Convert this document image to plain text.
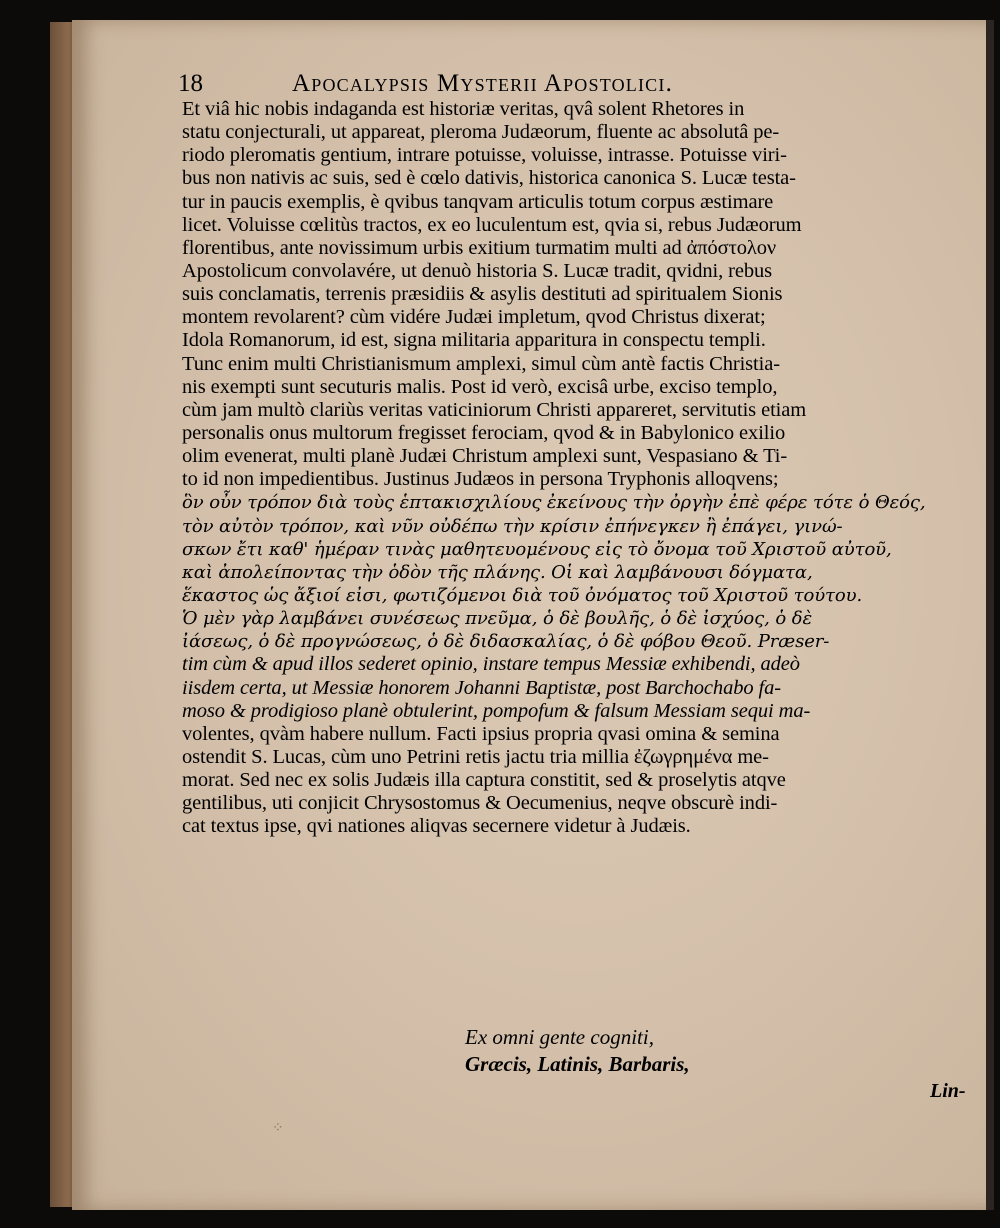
18	Apocalypsis Mysterii Apostolici.
Et viâ hic nobis indaganda est historiæ veritas, qvâ solent Rhetores in
statu conjecturali, ut appareat, pleroma Judæorum, fluente ac absolutâ pe-
riodo pleromatis gentium, intrare potuisse, voluisse, intrasse. Potuisse viri-
bus non nativis ac suis, sed è cœlo dativis, historica canonica S. Lucæ testa-
tur in paucis exemplis, è qvibus tanqvam articulis totum corpus æstimare
licet. Voluisse cœlitùs tractos, ex eo luculentum est, qvia si, rebus Judæorum
florentibus, ante novissimum urbis exitium turmatim multi ad ἀπόστολον
Apostolicum convolavére, ut denuò historia S. Lucæ tradit, qvidni, rebus
suis conclamatis, terrenis præsidiis & asylis destituti ad spiritualem Sionis
montem revolarent? cùm vidére Judæi impletum, qvod Christus dixerat;
Idola Romanorum, id est, signa militaria apparitura in conspectu templi.
Tunc enim multi Christianismum amplexi, simul cùm antè factis Christia-
nis exempti sunt secuturis malis. Post id verò, excisâ urbe, exciso templo,
cùm jam multò clariùs veritas vaticiniorum Christi appareret, servitutis etiam
personalis onus multorum fregisset ferociam, qvod & in Babylonico exilio
olim evenerat, multi planè Judæi Christum amplexi sunt, Vespasiano & Ti-
to id non impedientibus. Justinus Judæos in persona Tryphonis alloqvens;
ὃν οὖν τρόπον διὰ τοὺς ἑπτακισχιλίους ἐκείνους τὴν ὀργὴν ἐπὲ φέρε τότε ὁ Θεός,
τὸν αὐτὸν τρόπον, καὶ νῦν οὐδέπω τὴν κρίσιν ἐπήνεγκεν ἢ ἐπάγει, γινώ-
σκων ἔτι καθ' ἡμέραν τινὰς μαθητευομένους εἰς τὸ ὄνομα τοῦ Χριστοῦ αὐτοῦ,
καὶ ἀπολείποντας τὴν ὁδὸν τῆς πλάνης. Οἱ καὶ λαμβάνουσι δόγματα,
ἕκαστος ὡς ἄξιοί εἰσι, φωτιζόμενοι διὰ τοῦ ὀνόματος τοῦ Χριστοῦ τούτου.
Ὁ μὲν γὰρ λαμβάνει συνέσεως πνεῦμα, ὁ δὲ βουλῆς, ὁ δὲ ἰσχύος, ὁ δὲ
ἰάσεως, ὁ δὲ προγνώσεως, ὁ δὲ διδασκαλίας, ὁ δὲ φόβου Θεοῦ. Præser-
tim cùm & apud illos sederet opinio, instare tempus Messiæ exhibendi, adeò
iisdem certa, ut Messiæ honorem Johanni Baptistæ, post Barchochabo fa-
moso & prodigioso planè obtulerint, pompofum & falsum Messiam sequi ma-
volentes, qvàm habere nullum. Facti ipsius propria qvasi omina & semina
ostendit S. Lucas, cùm uno Petrini retis jactu tria millia ἐζωγρημένα me-
morat. Sed nec ex solis Judæis illa captura constitit, sed & proselytis atqve
gentilibus, uti conjicit Chrysostomus & Oecumenius, neqve obscurè indi-
cat textus ipse, qvi nationes aliqvas secernere videtur à Judæis.
Ex omni gente cogniti,
Græcis, Latinis, Barbaris,
Lin-
⁘
